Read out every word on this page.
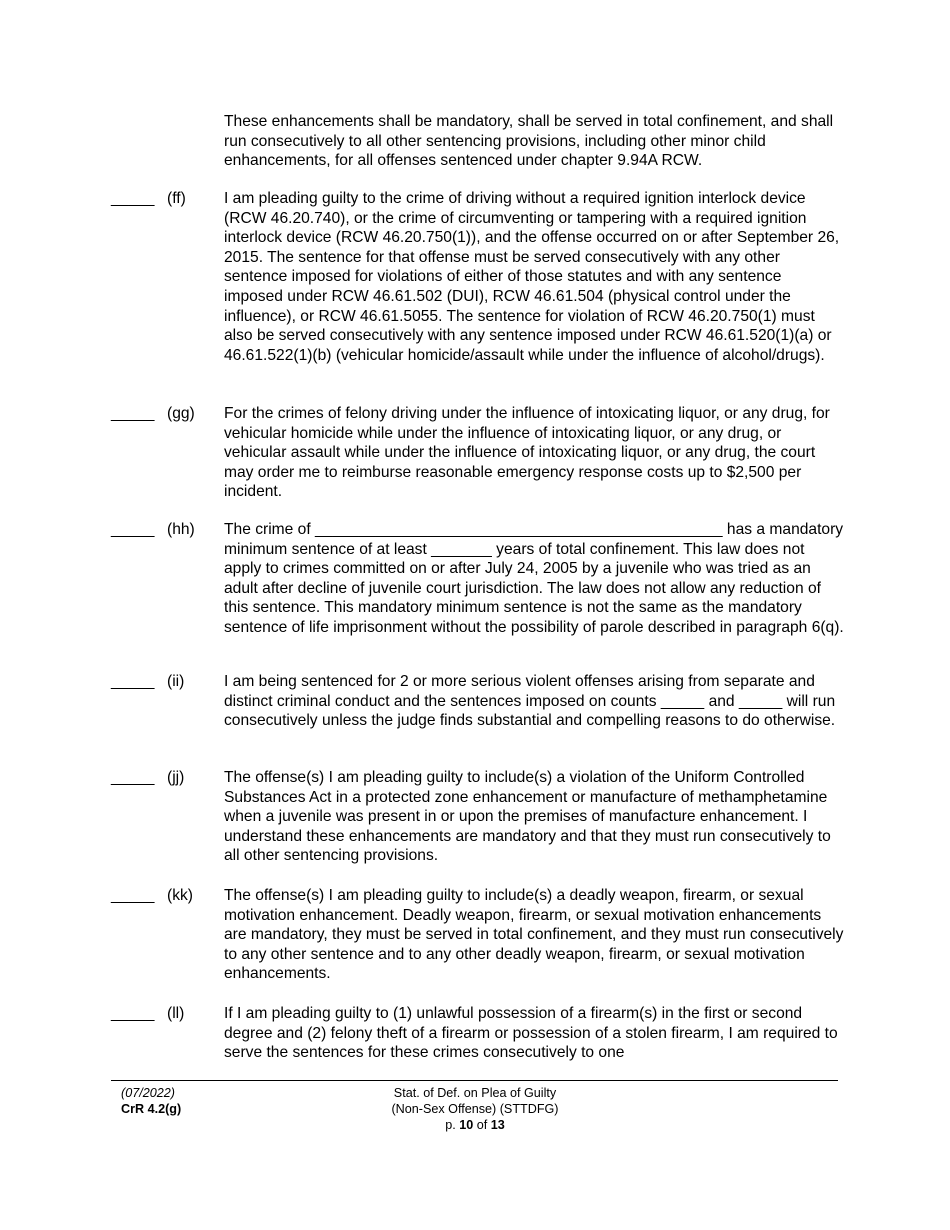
These enhancements shall be mandatory, shall be served in total confinement, and shall run consecutively to all other sentencing provisions, including other minor child enhancements, for all offenses sentenced under chapter 9.94A RCW.
_____ (ff) I am pleading guilty to the crime of driving without a required ignition interlock device (RCW 46.20.740), or the crime of circumventing or tampering with a required ignition interlock device (RCW 46.20.750(1)), and the offense occurred on or after September 26, 2015. The sentence for that offense must be served consecutively with any other sentence imposed for violations of either of those statutes and with any sentence imposed under RCW 46.61.502 (DUI), RCW 46.61.504 (physical control under the influence), or RCW 46.61.5055. The sentence for violation of RCW 46.20.750(1) must also be served consecutively with any sentence imposed under RCW 46.61.520(1)(a) or 46.61.522(1)(b) (vehicular homicide/assault while under the influence of alcohol/drugs).
_____ (gg) For the crimes of felony driving under the influence of intoxicating liquor, or any drug, for vehicular homicide while under the influence of intoxicating liquor, or any drug, or vehicular assault while under the influence of intoxicating liquor, or any drug, the court may order me to reimburse reasonable emergency response costs up to $2,500 per incident.
_____ (hh) The crime of _______________________________________________ has a mandatory minimum sentence of at least _______ years of total confinement. This law does not apply to crimes committed on or after July 24, 2005 by a juvenile who was tried as an adult after decline of juvenile court jurisdiction. The law does not allow any reduction of this sentence. This mandatory minimum sentence is not the same as the mandatory sentence of life imprisonment without the possibility of parole described in paragraph 6(q).
_____ (ii)	I am being sentenced for 2 or more serious violent offenses arising from separate and distinct criminal conduct and the sentences imposed on counts _____ and _____ will run consecutively unless the judge finds substantial and compelling reasons to do otherwise.
_____ (jj)	The offense(s) I am pleading guilty to include(s) a violation of the Uniform Controlled Substances Act in a protected zone enhancement or manufacture of methamphetamine when a juvenile was present in or upon the premises of manufacture enhancement. I understand these enhancements are mandatory and that they must run consecutively to all other sentencing provisions.
_____ (kk) The offense(s) I am pleading guilty to include(s) a deadly weapon, firearm, or sexual motivation enhancement. Deadly weapon, firearm, or sexual motivation enhancements are mandatory, they must be served in total confinement, and they must run consecutively to any other sentence and to any other deadly weapon, firearm, or sexual motivation enhancements.
_____ (ll)	If I am pleading guilty to (1) unlawful possession of a firearm(s) in the first or second degree and (2) felony theft of a firearm or possession of a stolen firearm, I am required to serve the sentences for these crimes consecutively to one
(07/2022)
CrR 4.2(g)
Stat. of Def. on Plea of Guilty
(Non-Sex Offense) (STTDFG)
p. 10 of 13
